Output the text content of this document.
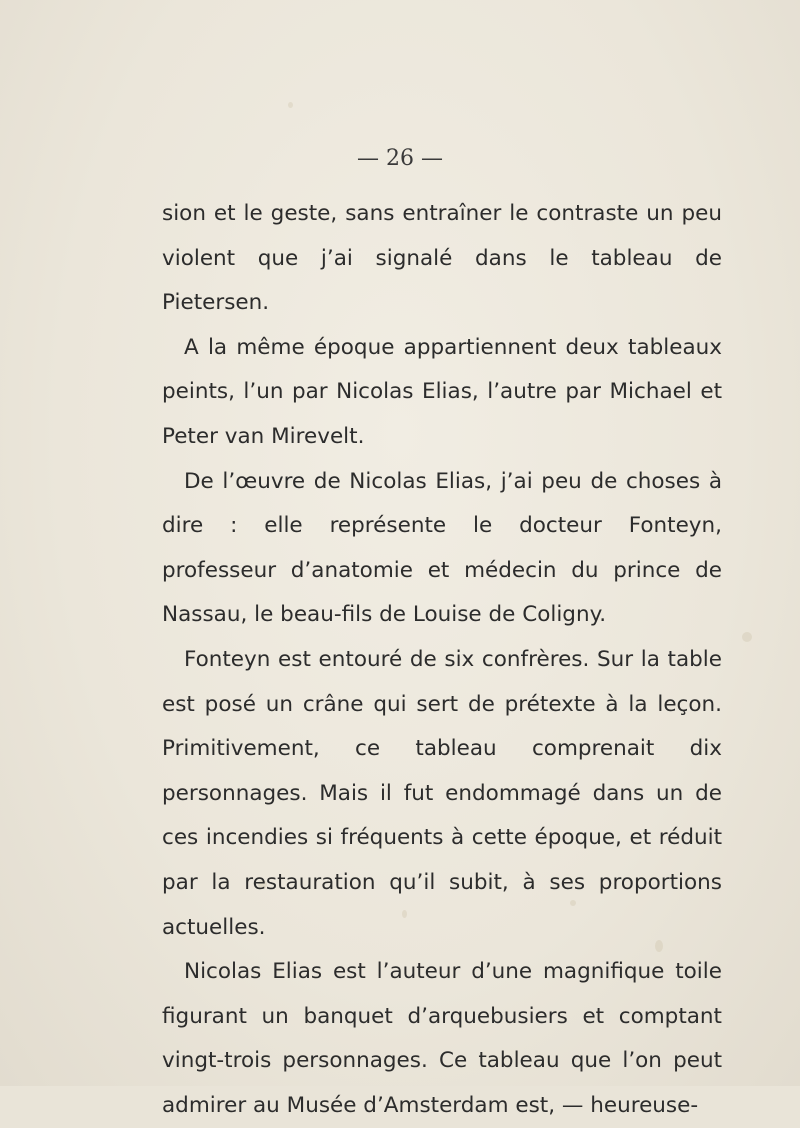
— 26 —

sion et le geste, sans entraîner le contraste un peu violent que j’ai signalé dans le tableau de Pietersen.

A la même époque appartiennent deux tableaux peints, l’un par Nicolas Elias, l’autre par Michael et Peter van Mirevelt.

De l’œuvre de Nicolas Elias, j’ai peu de choses à dire : elle représente le docteur Fonteyn, professeur d’anatomie et médecin du prince de Nassau, le beau-fils de Louise de Coligny.

Fonteyn est entouré de six confrères. Sur la table est posé un crâne qui sert de prétexte à la leçon. Primitivement, ce tableau comprenait dix personnages. Mais il fut endommagé dans un de ces incendies si fréquents à cette époque, et réduit par la restauration qu’il subit, à ses proportions actuelles.

Nicolas Elias est l’auteur d’une magnifique toile figurant un banquet d’arquebusiers et comptant vingt-trois personnages. Ce tableau que l’on peut admirer au Musée d’Amsterdam est, — heureuse-
